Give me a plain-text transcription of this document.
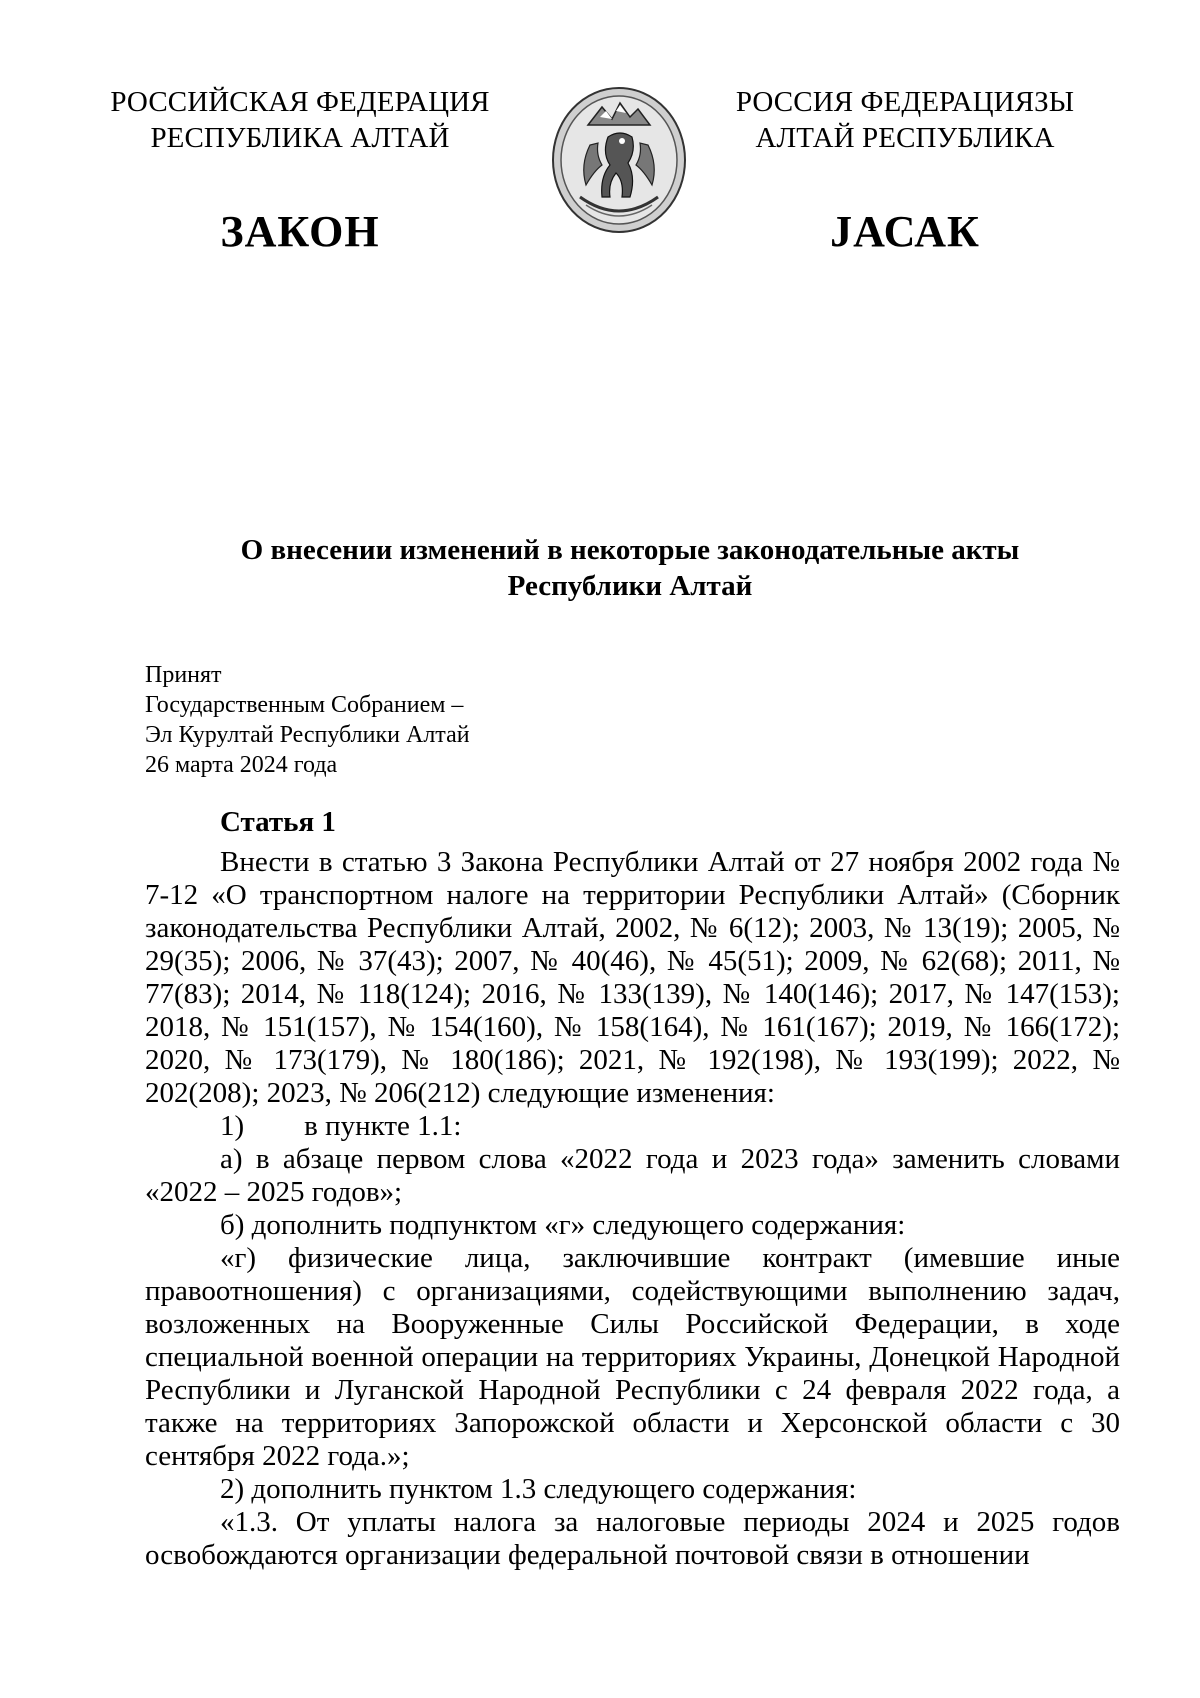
РОССИЙСКАЯ ФЕДЕРАЦИЯ
РЕСПУБЛИКА АЛТАЙ
РОССИЯ ФЕДЕРАЦИЯЗЫ
АЛТАЙ РЕСПУБЛИКА
ЗАКОН	JАСАК
О внесении изменений в некоторые законодательные акты
Республики Алтай
Принят
Государственным Собранием –
Эл Курултай Республики Алтай
26 марта 2024 года
Статья 1

Внести в статью 3 Закона Республики Алтай от 27 ноября 2002 года № 7-12 «О транспортном налоге на территории Республики Алтай» (Сборник законодательства Республики Алтай, 2002, № 6(12); 2003, № 13(19); 2005, № 29(35); 2006, № 37(43); 2007, № 40(46), № 45(51); 2009, № 62(68); 2011, № 77(83); 2014, № 118(124); 2016, № 133(139), № 140(146); 2017, № 147(153); 2018, № 151(157), № 154(160), № 158(164), № 161(167); 2019, № 166(172); 2020, № 173(179), № 180(186); 2021, № 192(198), № 193(199); 2022, № 202(208); 2023, № 206(212) следующие изменения:

1) в пункте 1.1:

а) в абзаце первом слова «2022 года и 2023 года» заменить словами «2022 – 2025 годов»;

б) дополнить подпунктом «г» следующего содержания:

«г) физические лица, заключившие контракт (имевшие иные правоотношения) с организациями, содействующими выполнению задач, возложенных на Вооруженные Силы Российской Федерации, в ходе специальной военной операции на территориях Украины, Донецкой Народной Республики и Луганской Народной Республики с 24 февраля 2022 года, а также на территориях Запорожской области и Херсонской области с 30 сентября 2022 года.»;

2) дополнить пунктом 1.3 следующего содержания:

«1.3. От уплаты налога за налоговые периоды 2024 и 2025 годов освобождаются организации федеральной почтовой связи в отношении
